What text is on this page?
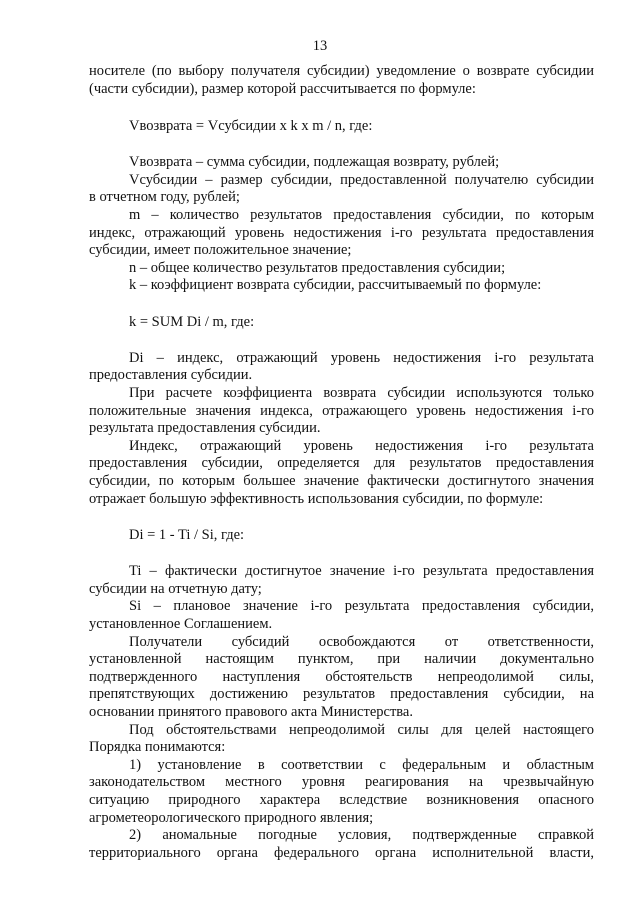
13
носителе (по выбору получателя субсидии) уведомление о возврате субсидии
(части субсидии), размер которой рассчитывается по формуле:
Vвозврата = Vсубсидии x k x m / n, где:
Vвозврата – сумма субсидии, подлежащая возврату, рублей;
Vсубсидии – размер субсидии, предоставленной получателю субсидии
в отчетном году, рублей;
m – количество результатов предоставления субсидии, по которым
индекс, отражающий уровень недостижения i-го результата предоставления
субсидии, имеет положительное значение;
n – общее количество результатов предоставления субсидии;
k – коэффициент возврата субсидии, рассчитываемый по формуле:
k = SUM Di / m, где:
Di – индекс, отражающий уровень недостижения i-го результата
предоставления субсидии.
При расчете коэффициента возврата субсидии используются только
положительные значения индекса, отражающего уровень недостижения i-го
результата предоставления субсидии.
Индекс, отражающий уровень недостижения i-го результата
предоставления субсидии, определяется для результатов предоставления
субсидии, по которым большее значение фактически достигнутого значения
отражает большую эффективность использования субсидии, по формуле:
Di = 1 - Ti / Si, где:
Ti – фактически достигнутое значение i-го результата предоставления
субсидии на отчетную дату;
Si – плановое значение i-го результата предоставления субсидии,
установленное Соглашением.
Получатели субсидий освобождаются от ответственности,
установленной настоящим пунктом, при наличии документально
подтвержденного наступления обстоятельств непреодолимой силы,
препятствующих достижению результатов предоставления субсидии, на
основании принятого правового акта Министерства.
Под обстоятельствами непреодолимой силы для целей настоящего
Порядка понимаются:
1) установление в соответствии с федеральным и областным
законодательством местного уровня реагирования на чрезвычайную
ситуацию природного характера вследствие возникновения опасного
агрометеорологического природного явления;
2) аномальные погодные условия, подтвержденные справкой
территориального органа федерального органа исполнительной власти,
